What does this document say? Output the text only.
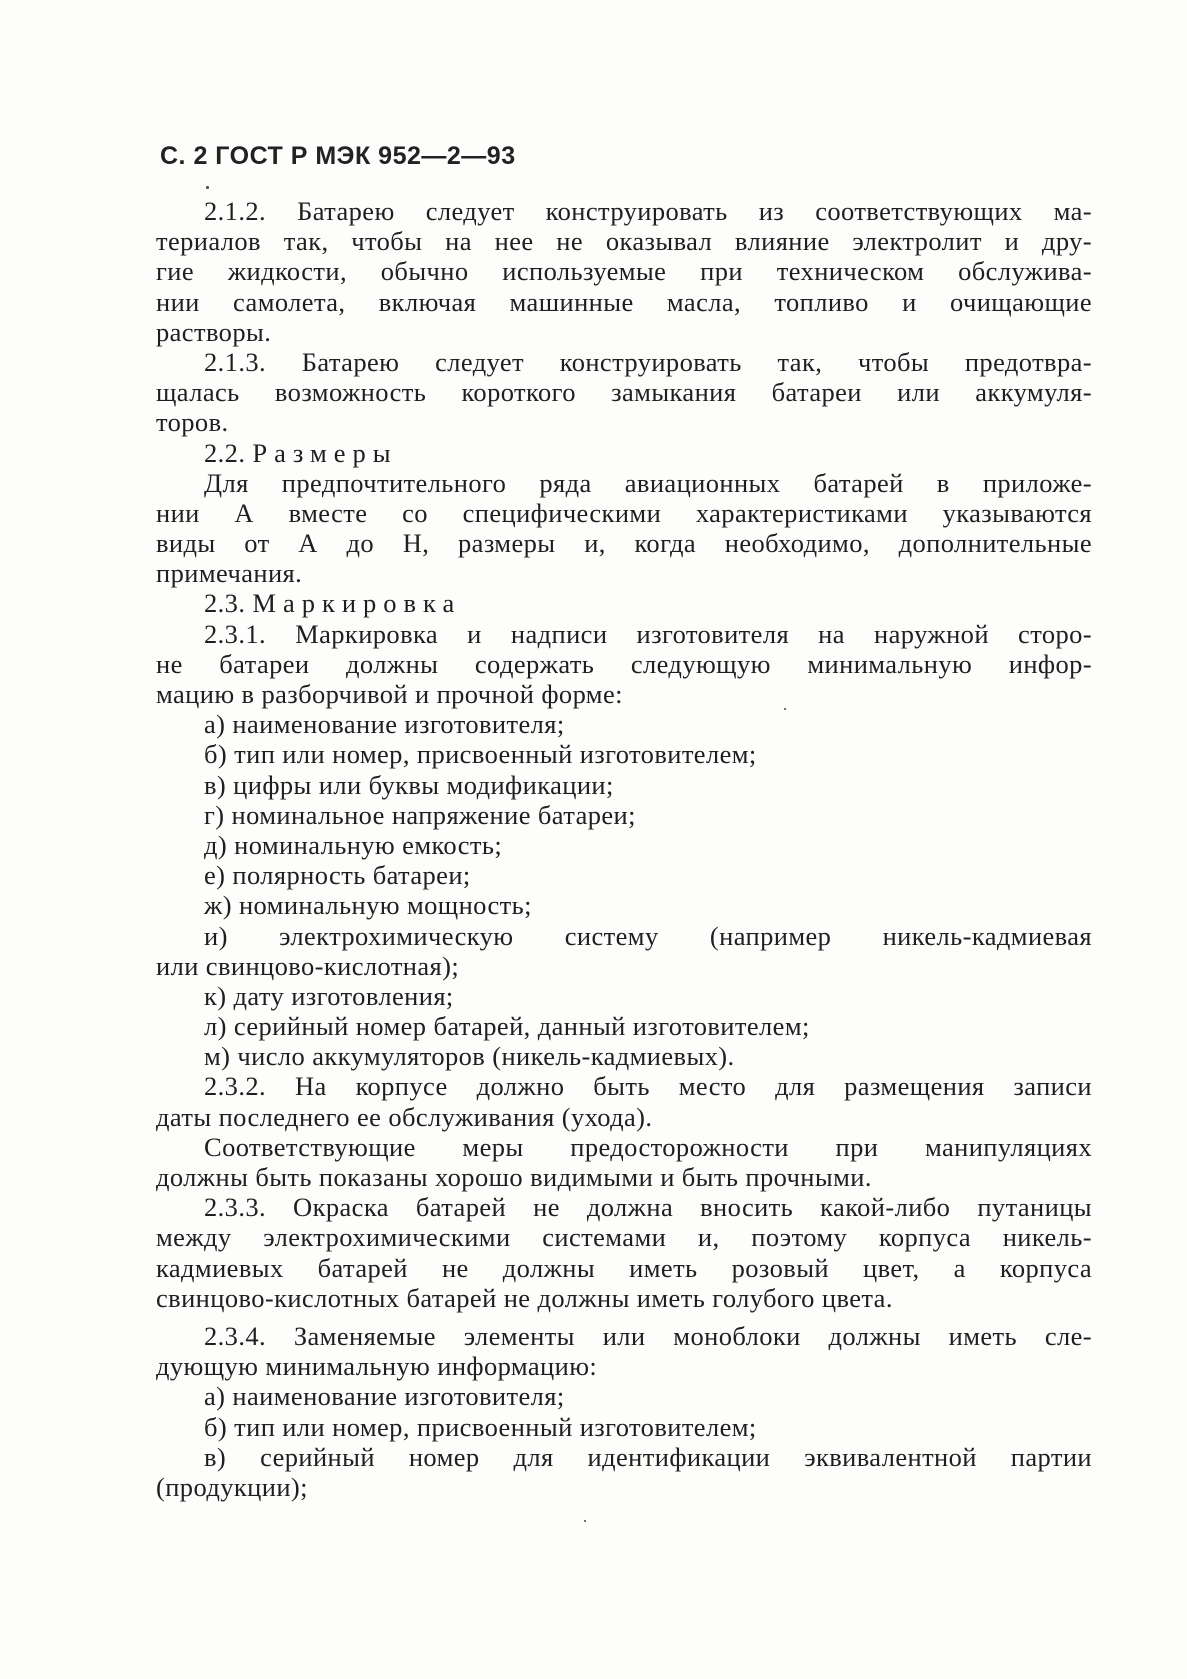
С. 2 ГОСТ Р МЭК 952—2—93
2.1.2. Батарею следует конструировать из соответствующих ма-
териалов так, чтобы на нее не оказывал влияние электролит и дру-
гие жидкости, обычно используемые при техническом обслужива-
нии самолета, включая машинные масла, топливо и очищающие
растворы.
2.1.3. Батарею следует конструировать так, чтобы предотвра-
щалась возможность короткого замыкания батареи или аккумуля-
торов.
2.2. Размеры
Для предпочтительного ряда авиационных батарей в приложе-
нии А вместе со специфическими характеристиками указываются
виды от А до Н, размеры и, когда необходимо, дополнительные
примечания.
2.3. Маркировка
2.3.1. Маркировка и надписи изготовителя на наружной сторо-
не батареи должны содержать следующую минимальную инфор-
мацию в разборчивой и прочной форме:
а) наименование изготовителя;
б) тип или номер, присвоенный изготовителем;
в) цифры или буквы модификации;
г) номинальное напряжение батареи;
д) номинальную емкость;
е) полярность батареи;
ж) номинальную мощность;
и) электрохимическую систему (например никель-кадмиевая
или свинцово-кислотная);
к) дату изготовления;
л) серийный номер батарей, данный изготовителем;
м) число аккумуляторов (никель-кадмиевых).
2.3.2. На корпусе должно быть место для размещения записи
даты последнего ее обслуживания (ухода).
Соответствующие меры предосторожности при манипуляциях
должны быть показаны хорошо видимыми и быть прочными.
2.3.3. Окраска батарей не должна вносить какой-либо путаницы
между электрохимическими системами и, поэтому корпуса никель-
кадмиевых батарей не должны иметь розовый цвет, а корпуса
свинцово-кислотных батарей не должны иметь голубого цвета.
2.3.4. Заменяемые элементы или моноблоки должны иметь сле-
дующую минимальную информацию:
а) наименование изготовителя;
б) тип или номер, присвоенный изготовителем;
в) серийный номер для идентификации эквивалентной партии
(продукции);
